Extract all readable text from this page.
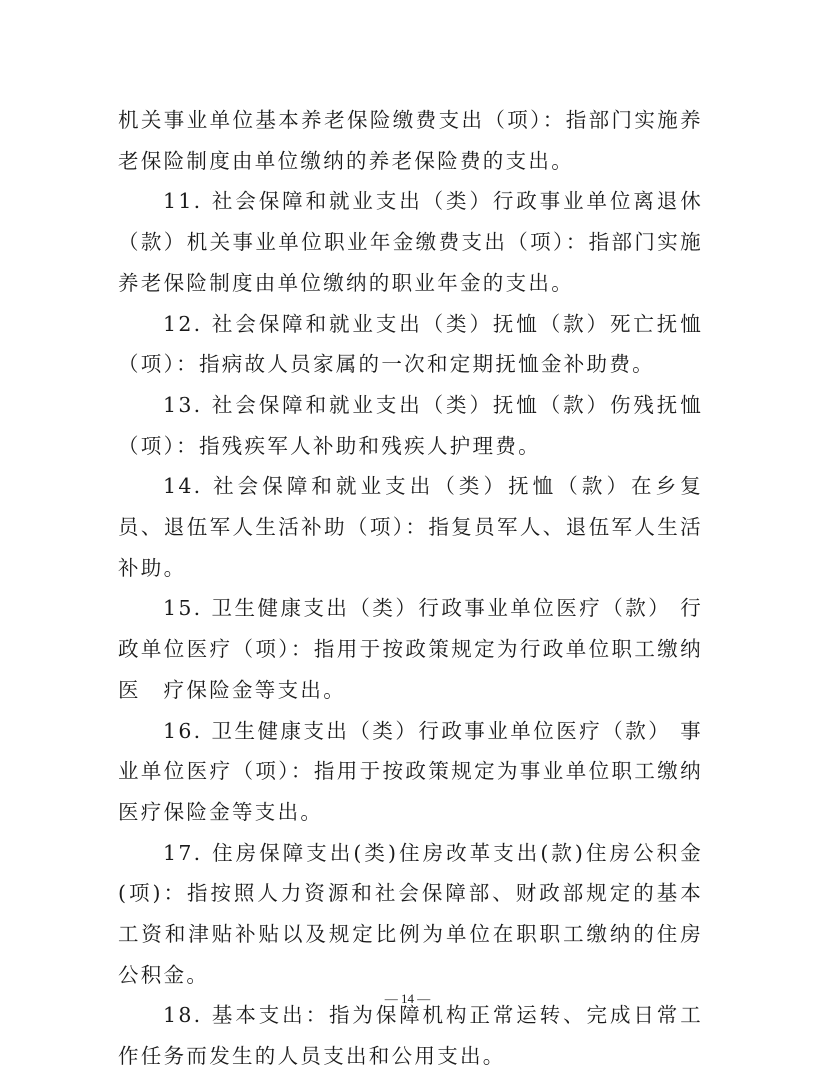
机关事业单位基本养老保险缴费支出（项）：指部门实施养老保险制度由单位缴纳的养老保险费的支出。

11. 社会保障和就业支出（类）行政事业单位离退休（款）机关事业单位职业年金缴费支出（项）：指部门实施养老保险制度由单位缴纳的职业年金的支出。

12. 社会保障和就业支出（类）抚恤（款）死亡抚恤（项）：指病故人员家属的一次和定期抚恤金补助费。

13. 社会保障和就业支出（类）抚恤（款）伤残抚恤（项）：指残疾军人补助和残疾人护理费。

14. 社会保障和就业支出（类）抚恤（款）在乡复员、退伍军人生活补助（项）：指复员军人、退伍军人生活补助。

15. 卫生健康支出（类）行政事业单位医疗（款） 行政单位医疗（项）：指用于按政策规定为行政单位职工缴纳医　疗保险金等支出。

16. 卫生健康支出（类）行政事业单位医疗（款） 事业单位医疗（项）：指用于按政策规定为事业单位职工缴纳医疗保险金等支出。

17. 住房保障支出(类)住房改革支出(款)住房公积金(项)：指按照人力资源和社会保障部、财政部规定的基本工资和津贴补贴以及规定比例为单位在职职工缴纳的住房公积金。

18. 基本支出：指为保障机构正常运转、完成日常工作任务而发生的人员支出和公用支出。

— 14 —
